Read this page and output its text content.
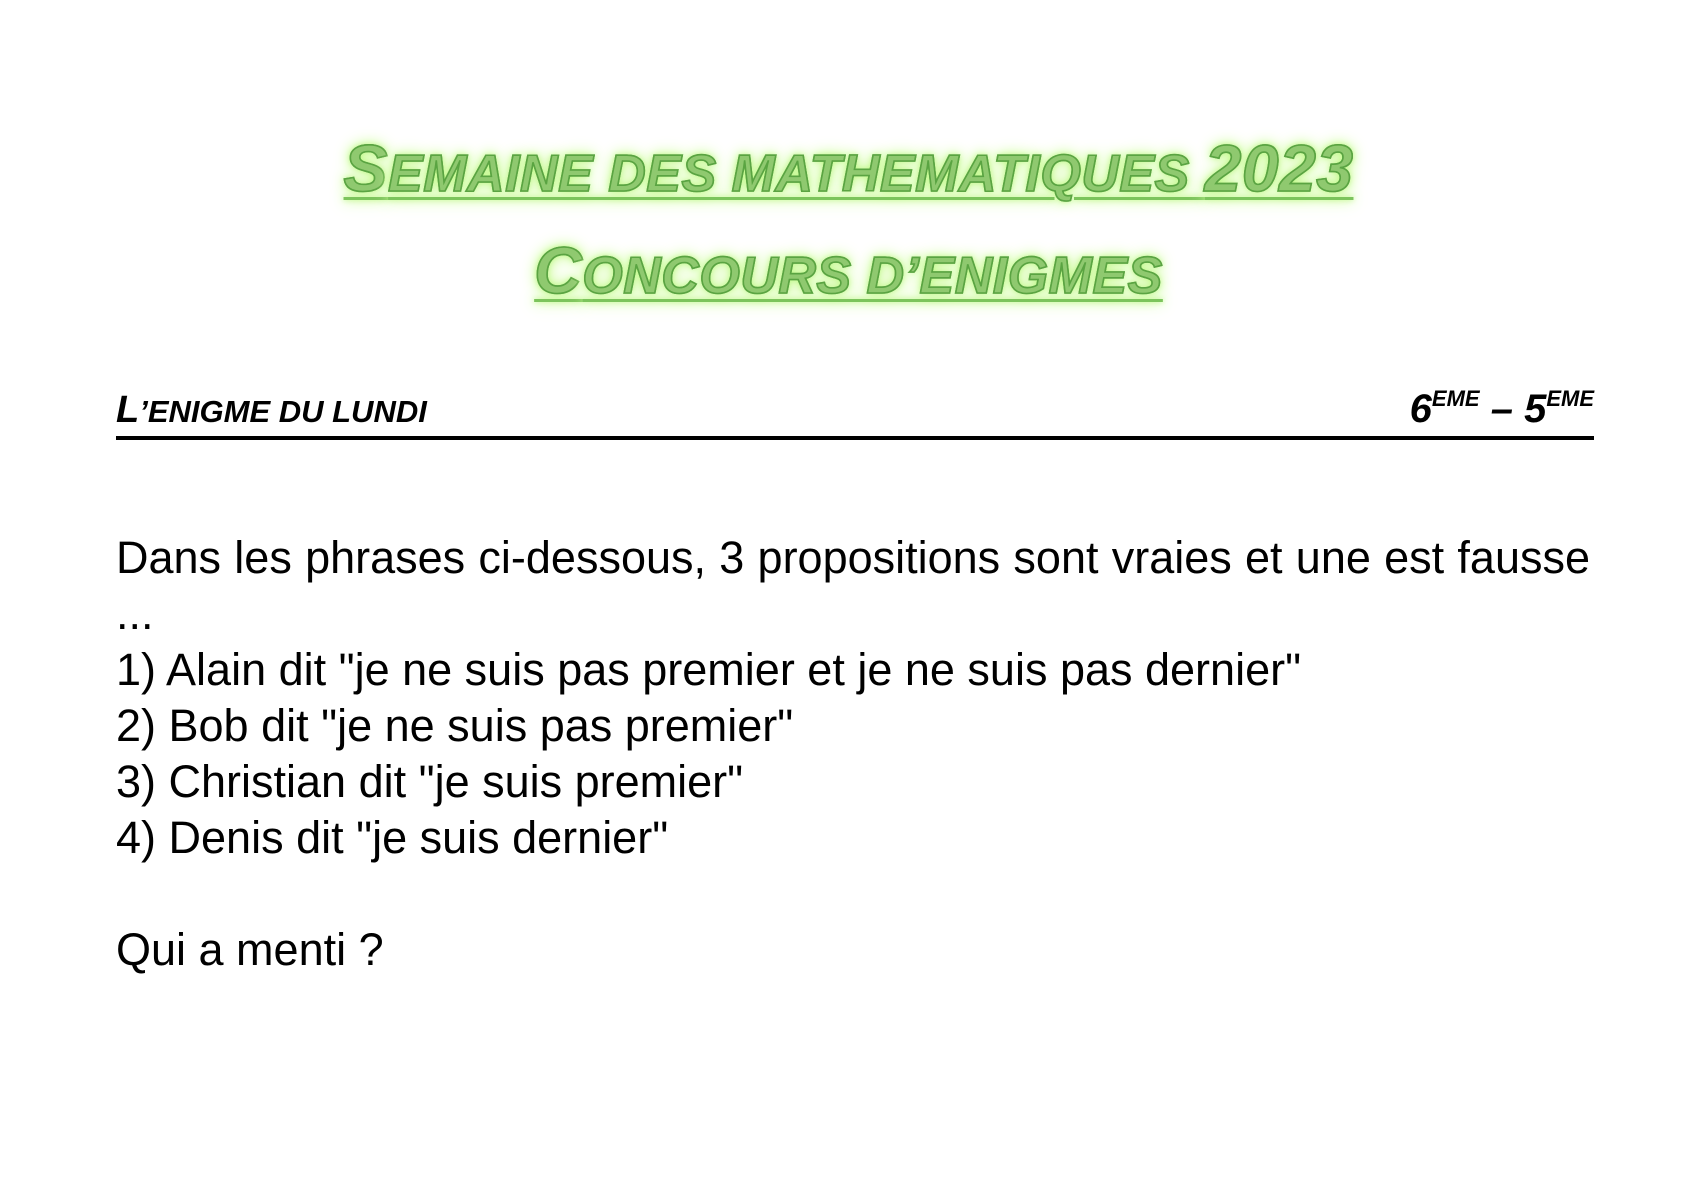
SEMAINE DES MATHEMATIQUES 2023
CONCOURS D’ENIGMES
L’ENIGME DU LUNDI	6EME – 5EME
Dans les phrases ci-dessous, 3 propositions sont vraies et une est fausse ...
1) Alain dit "je ne suis pas premier et je ne suis pas dernier"
2) Bob dit "je ne suis pas premier"
3) Christian dit "je suis premier"
4) Denis dit "je suis dernier"
Qui a menti ?
